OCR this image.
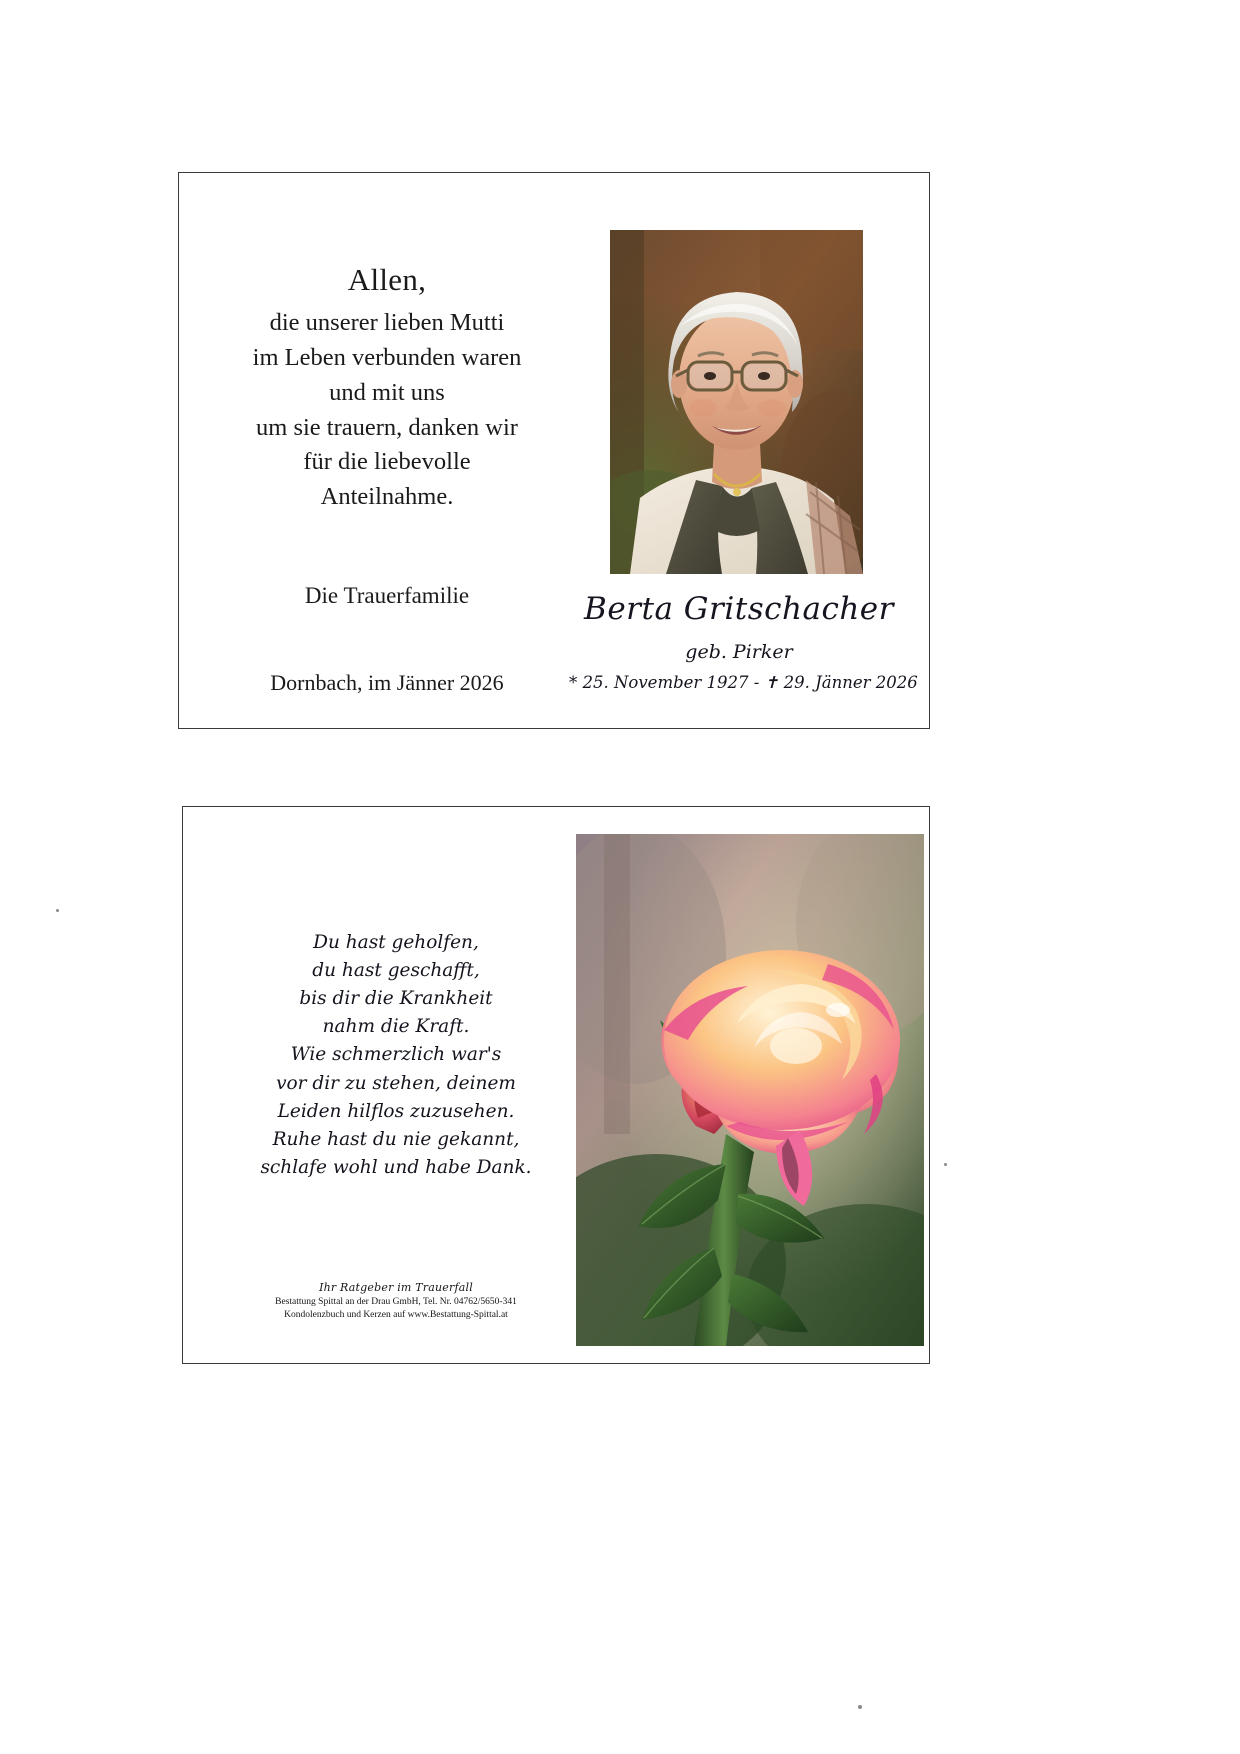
Allen,
die unserer lieben Mutti
im Leben verbunden waren
und mit uns
um sie trauern, danken wir
für die liebevolle
Anteilnahme.
Die Trauerfamilie
Dornbach, im Jänner 2026
Berta Gritschacher
geb. Pirker
* 25. November 1927 - ✝ 29. Jänner 2026
Du hast geholfen,
du hast geschafft,
bis dir die Krankheit
nahm die Kraft.
Wie schmerzlich war's
vor dir zu stehen, deinem
Leiden hilflos zuzusehen.
Ruhe hast du nie gekannt,
schlafe wohl und habe Dank.
Ihr Ratgeber im Trauerfall
Bestattung Spittal an der Drau GmbH, Tel. Nr. 04762/5650-341
Kondolenzbuch und Kerzen auf www.Bestattung-Spittal.at
